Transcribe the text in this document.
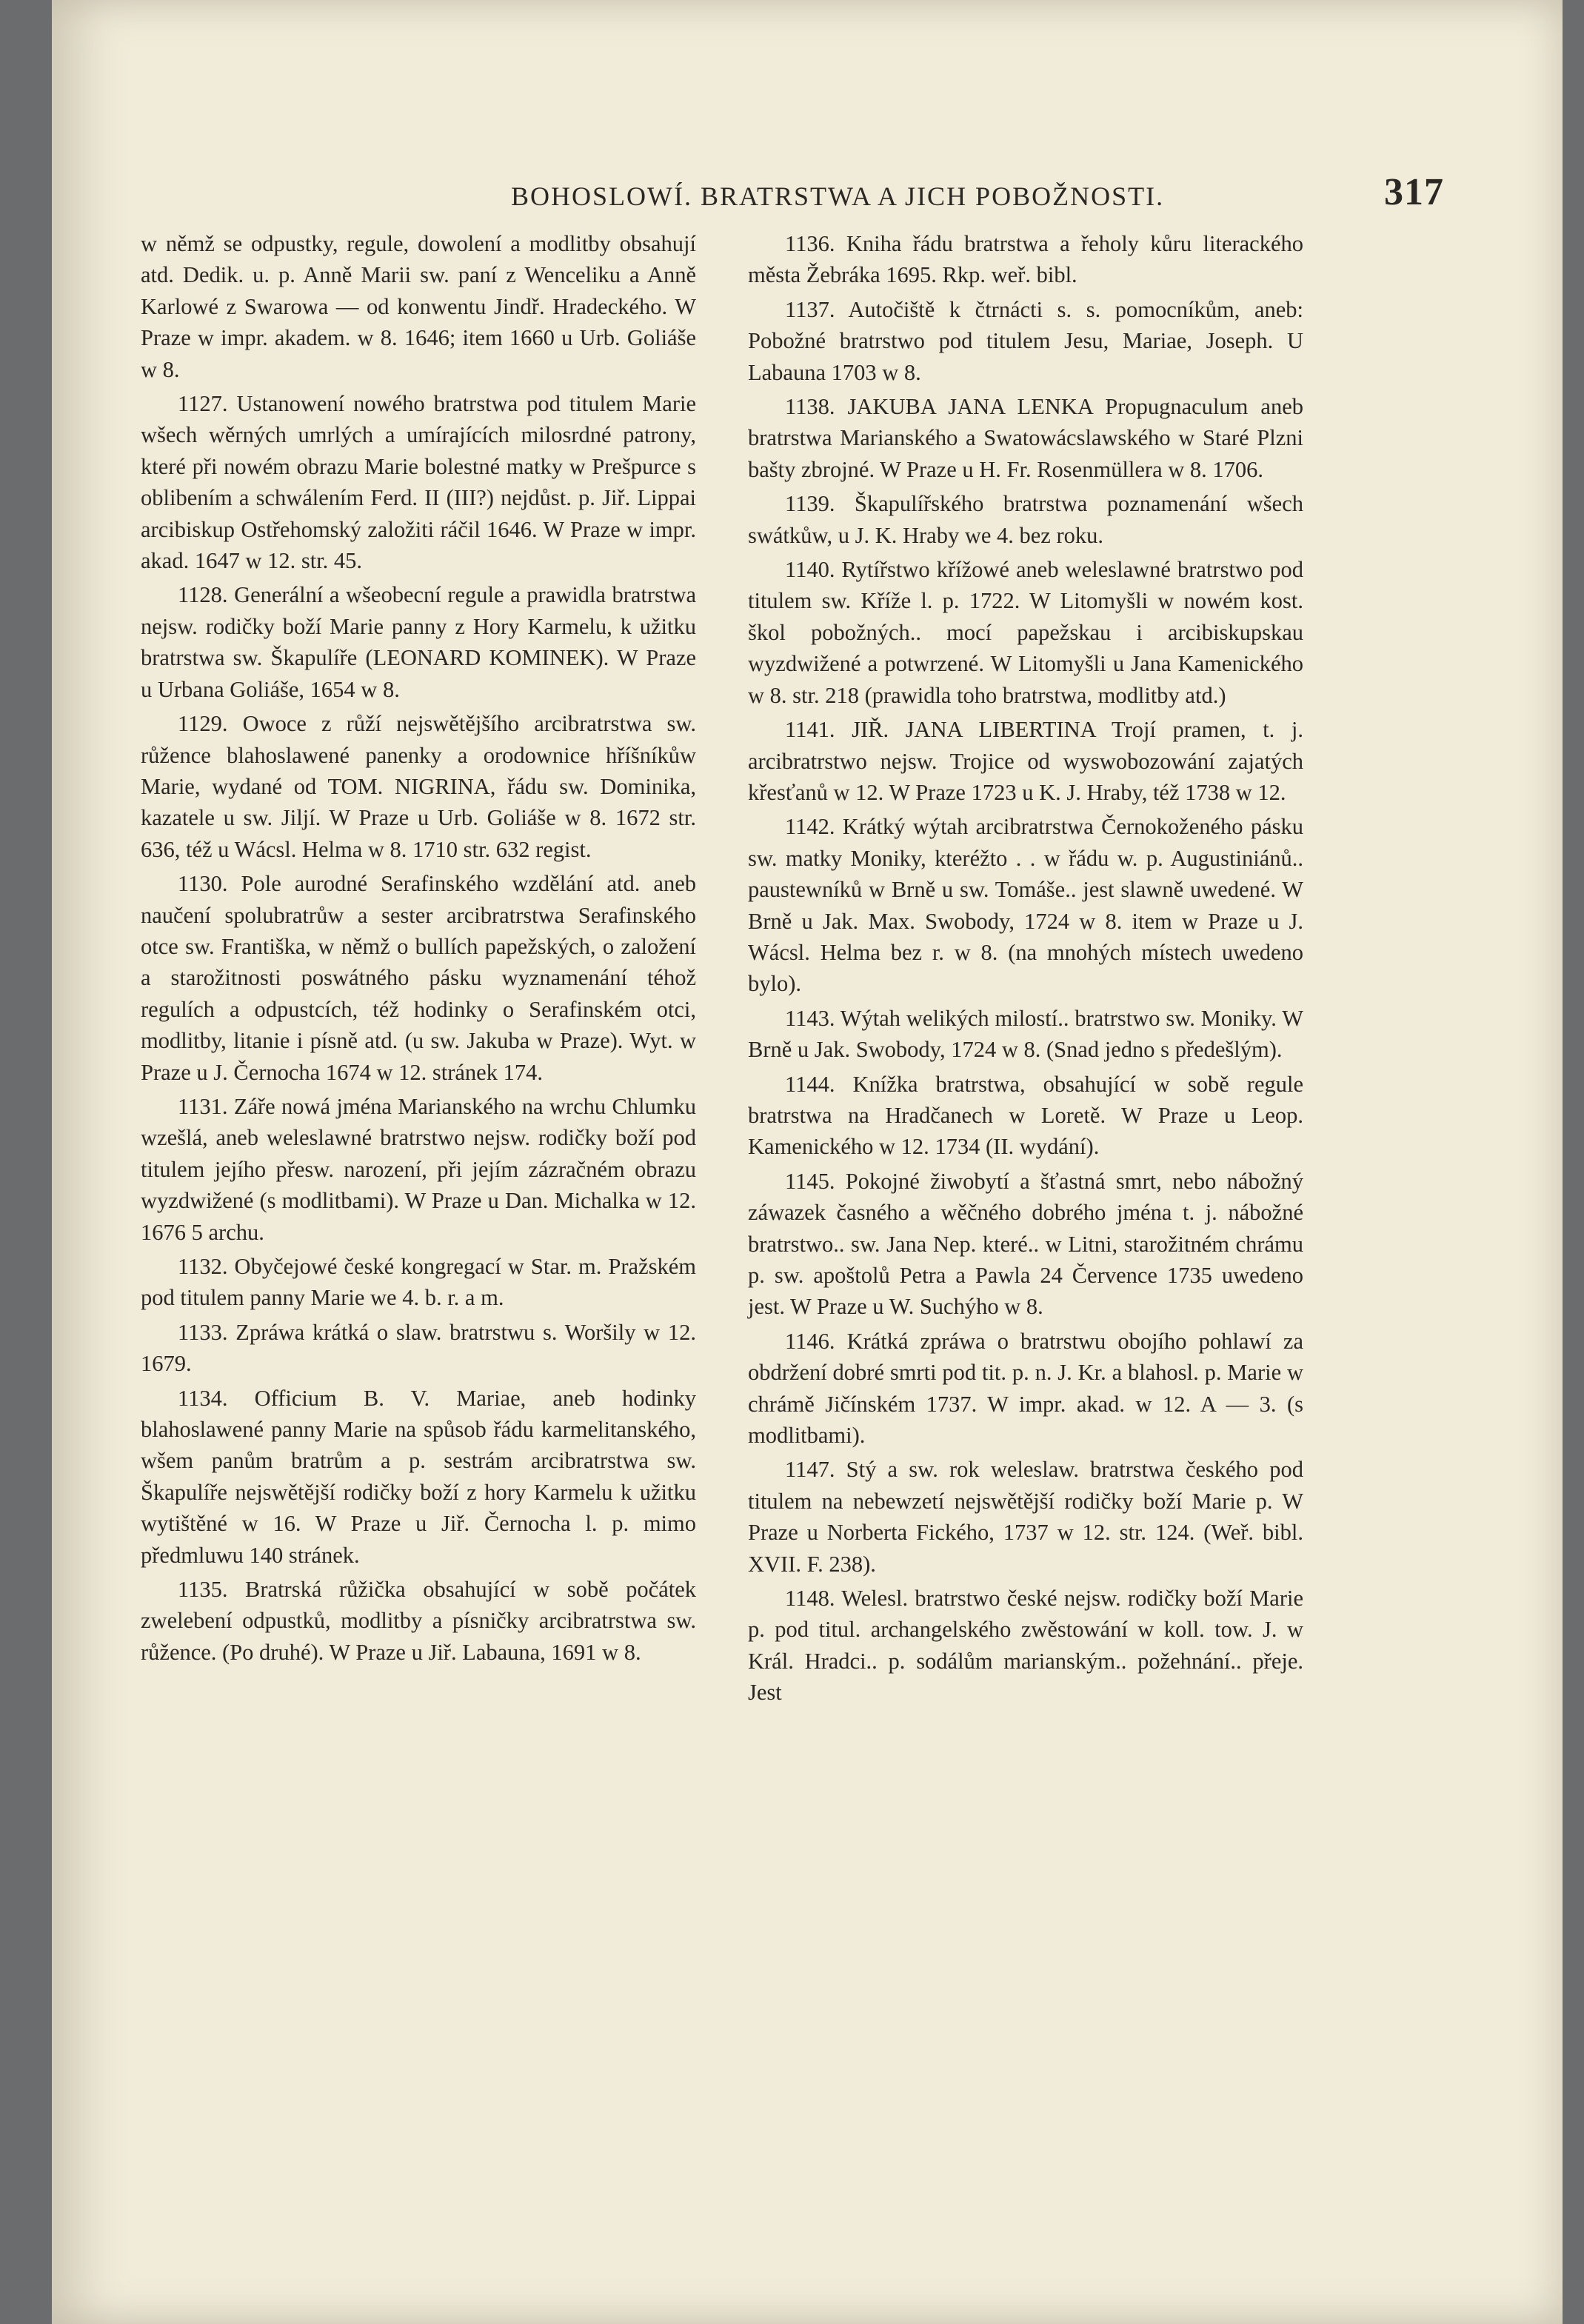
BOHOSLOWÍ. BRATRSTWA A JICH POBOŽNOSTI.	317

w němž se odpustky, regule, dowolení a modlitby obsahují atd. Dedik. u. p. Anně Marii sw. paní z Wenceliku a Anně Karlowé z Swarowa — od konwentu Jindř. Hradeckého. W Praze w impr. akadem. w 8. 1646; item 1660 u Urb. Goliáše w 8.

1127. Ustanowení nowého bratrstwa pod titulem Marie wšech wěrných umrlých a umírajících milosrdné patrony, které při nowém obrazu Marie bolestné matky w Prešpurce s oblibením a schwálením Ferd. II (III?) nejdůst. p. Jiř. Lippai arcibiskup Ostřehomský založiti ráčil 1646. W Praze w impr. akad. 1647 w 12. str. 45.

1128. Generální a wšeobecní regule a prawidla bratrstwa nejsw. rodičky boží Marie panny z Hory Karmelu, k užitku bratrstwa sw. Škapulíře (LEONARD KOMINEK). W Praze u Urbana Goliáše, 1654 w 8.

1129. Owoce z růží nejswětějšího arcibratrstwa sw. růžence blahoslawené panenky a orodownice hříšníkůw Marie, wydané od TOM. NIGRINA, řádu sw. Dominika, kazatele u sw. Jiljí. W Praze u Urb. Goliáše w 8. 1672 str. 636, též u Wácsl. Helma w 8. 1710 str. 632 regist.

1130. Pole aurodné Serafinského wzdělání atd. aneb naučení spolubratrůw a sester arcibratrstwa Serafinského otce sw. Františka, w němž o bullích papežských, o založení a starožitnosti poswátného pásku wyznamenání téhož regulích a odpustcích, též hodinky o Serafinském otci, modlitby, litanie i písně atd. (u sw. Jakuba w Praze). Wyt. w Praze u J. Černocha 1674 w 12. stránek 174.

1131. Záře nowá jména Marianského na wrchu Chlumku wzešlá, aneb weleslawné bratrstwo nejsw. rodičky boží pod titulem jejího přesw. narození, při jejím zázračném obrazu wyzdwižené (s modlitbami). W Praze u Dan. Michalka w 12. 1676 5 archu.

1132. Obyčejowé české kongregací w Star. m. Pražském pod titulem panny Marie we 4. b. r. a m.

1133. Zpráwa krátká o slaw. bratrstwu s. Woršily w 12. 1679.

1134. Officium B. V. Mariae, aneb hodinky blahoslawené panny Marie na spůsob řádu karmelitanského, wšem panům bratrům a p. sestrám arcibratrstwa sw. Škapulíře nejswětější rodičky boží z hory Karmelu k užitku wytištěné w 16. W Praze u Jiř. Černocha l. p. mimo předmluwu 140 stránek.

1135. Bratrská růžička obsahující w sobě počátek zwelebení odpustků, modlitby a písničky arcibratrstwa sw. růžence. (Po druhé). W Praze u Jiř. Labauna, 1691 w 8.

1136. Kniha řádu bratrstwa a řeholy kůru literackého města Žebráka 1695. Rkp. weř. bibl.

1137. Autočiště k čtrnácti s. s. pomocníkům, aneb: Pobožné bratrstwo pod titulem Jesu, Mariae, Joseph. U Labauna 1703 w 8.

1138. JAKUBA JANA LENKA Propugnaculum aneb bratrstwa Marianského a Swatowácslawského w Staré Plzni bašty zbrojné. W Praze u H. Fr. Rosenmüllera w 8. 1706.

1139. Škapulířského bratrstwa poznamenání wšech swátkůw, u J. K. Hraby we 4. bez roku.

1140. Rytířstwo křížowé aneb weleslawné bratrstwo pod titulem sw. Kříže l. p. 1722. W Litomyšli w nowém kost. škol pobožných.. mocí papežskau i arcibiskupskau wyzdwižené a potwrzené. W Litomyšli u Jana Kamenického w 8. str. 218 (prawidla toho bratrstwa, modlitby atd.)

1141. JIŘ. JANA LIBERTINA Trojí pramen, t. j. arcibratrstwo nejsw. Trojice od wyswobozowání zajatých křesťanů w 12. W Praze 1723 u K. J. Hraby, též 1738 w 12.

1142. Krátký wýtah arcibratrstwa Černokoženého pásku sw. matky Moniky, kteréžto . . w řádu w. p. Augustiniánů.. paustewníků w Brně u sw. Tomáše.. jest slawně uwedené. W Brně u Jak. Max. Swobody, 1724 w 8. item w Praze u J. Wácsl. Helma bez r. w 8. (na mnohých místech uwedeno bylo).

1143. Wýtah welikých milostí.. bratrstwo sw. Moniky. W Brně u Jak. Swobody, 1724 w 8. (Snad jedno s předešlým).

1144. Knížka bratrstwa, obsahující w sobě regule bratrstwa na Hradčanech w Loretě. W Praze u Leop. Kamenického w 12. 1734 (II. wydání).

1145. Pokojné žiwobytí a šťastná smrt, nebo nábožný záwazek časného a wěčného dobrého jména t. j. nábožné bratrstwo.. sw. Jana Nep. které.. w Litni, starožitném chrámu p. sw. apoštolů Petra a Pawla 24 Července 1735 uwedeno jest. W Praze u W. Suchýho w 8.

1146. Krátká zpráwa o bratrstwu obojího pohlawí za obdržení dobré smrti pod tit. p. n. J. Kr. a blahosl. p. Marie w chrámě Jičínském 1737. W impr. akad. w 12. A — 3. (s modlitbami).

1147. Stý a sw. rok weleslaw. bratrstwa českého pod titulem na nebewzetí nejswětější rodičky boží Marie p. W Praze u Norberta Fického, 1737 w 12. str. 124. (Weř. bibl. XVII. F. 238).

1148. Welesl. bratrstwo české nejsw. rodičky boží Marie p. pod titul. archangelského zwěstowání w koll. tow. J. w Král. Hradci.. p. sodálům marianským.. požehnání.. přeje. Jest
